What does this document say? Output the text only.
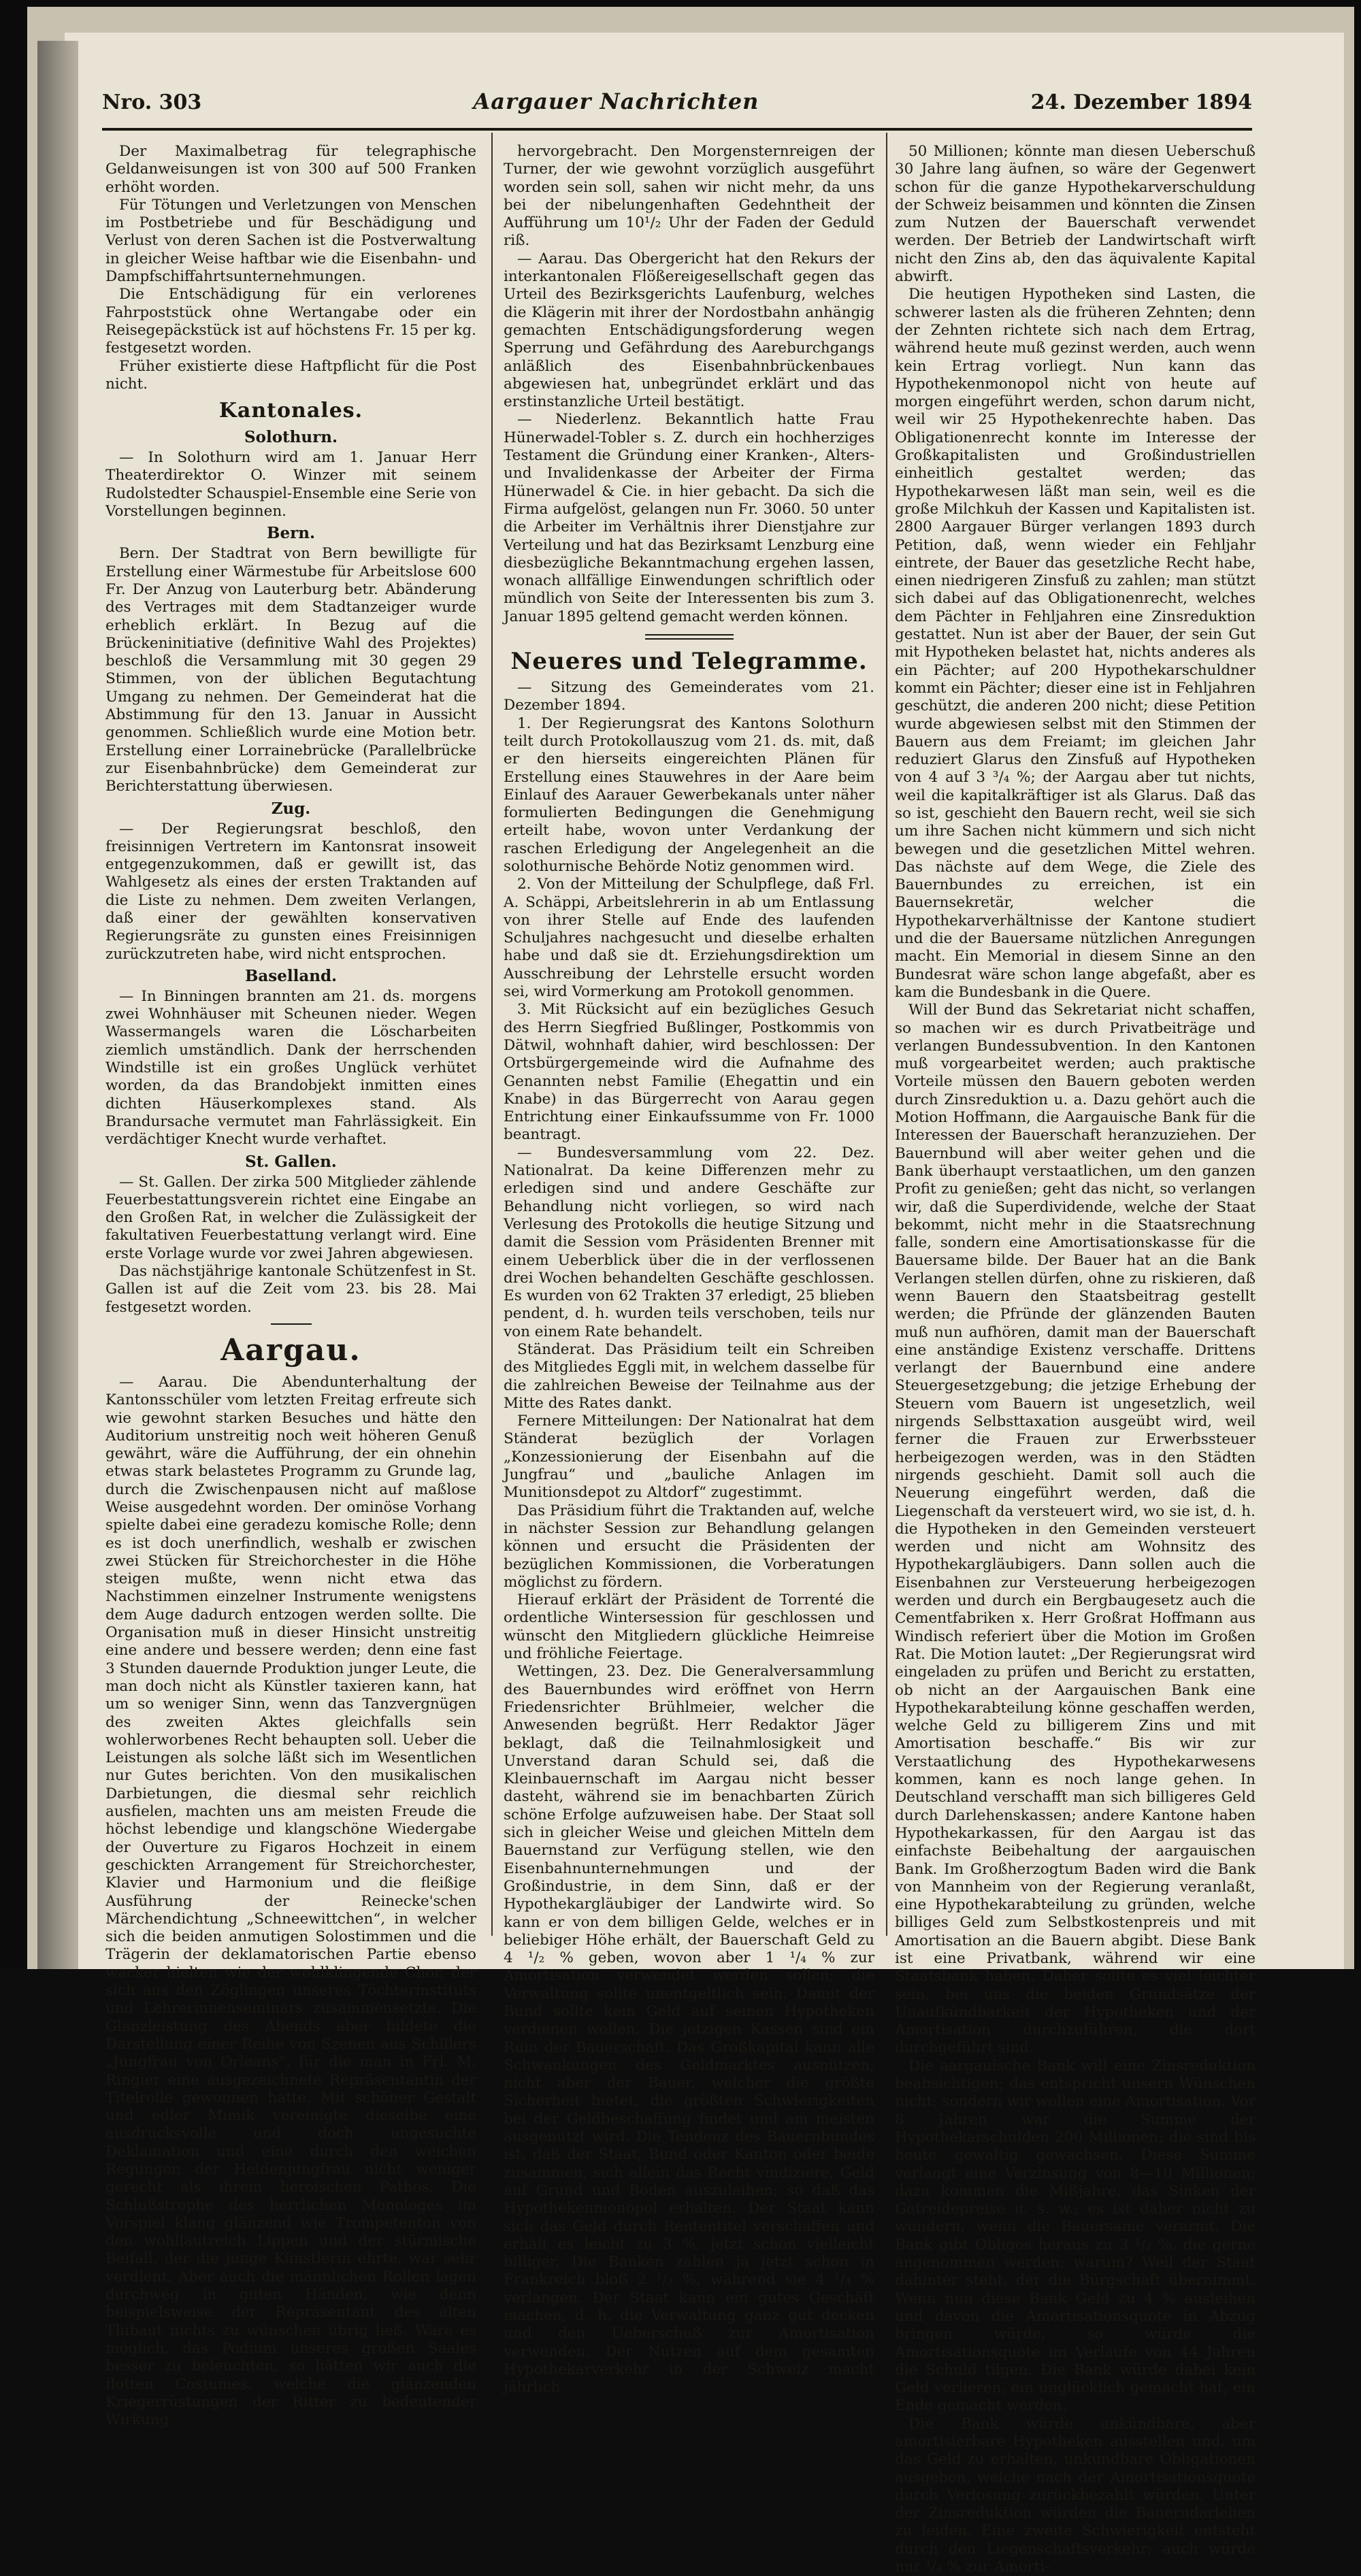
Nro. 303	Aargauer Nachrichten	24. Dezember 1894

Der Maximalbetrag für telegraphische Geldanweisungen ist von 300 auf 500 Franken erhöht worden.

Für Tötungen und Verletzungen von Menschen im Postbetriebe und für Beschädigung und Verlust von deren Sachen ist die Postverwaltung in gleicher Weise haftbar wie die Eisenbahn- und Dampfschiffahrtsunternehmungen.

Die Entschädigung für ein verlorenes Fahrpoststück ohne Wertangabe oder ein Reisegepäckstück ist auf höchstens Fr. 15 per kg. festgesetzt worden.

Früher existierte diese Haftpflicht für die Post nicht.

Kantonales.
Solothurn.

— In Solothurn wird am 1. Januar Herr Theaterdirektor O. Winzer mit seinem Rudolstedter Schauspiel-Ensemble eine Serie von Vorstellungen beginnen.

Bern.

Bern. Der Stadtrat von Bern bewilligte für Erstellung einer Wärmestube für Arbeitslose 600 Fr. Der Anzug von Lauterburg betr. Abänderung des Vertrages mit dem Stadtanzeiger wurde erheblich erklärt. In Bezug auf die Brückeninitiative (definitive Wahl des Projektes) beschloß die Versammlung mit 30 gegen 29 Stimmen, von der üblichen Begutachtung Umgang zu nehmen. Der Gemeinderat hat die Abstimmung für den 13. Januar in Aussicht genommen. Schließlich wurde eine Motion betr. Erstellung einer Lorrainebrücke (Parallelbrücke zur Eisenbahnbrücke) dem Gemeinderat zur Berichterstattung überwiesen.

Zug.

— Der Regierungsrat beschloß, den freisinnigen Vertretern im Kantonsrat insoweit entgegenzukommen, daß er gewillt ist, das Wahlgesetz als eines der ersten Traktanden auf die Liste zu nehmen. Dem zweiten Verlangen, daß einer der gewählten konservativen Regierungsräte zu gunsten eines Freisinnigen zurückzutreten habe, wird nicht entsprochen.

Baselland.

— In Binningen brannten am 21. ds. morgens zwei Wohnhäuser mit Scheunen nieder. Wegen Wassermangels waren die Löscharbeiten ziemlich umständlich. Dank der herrschenden Windstille ist ein großes Unglück verhütet worden, da das Brandobjekt inmitten eines dichten Häuserkomplexes stand. Als Brandursache vermutet man Fahrlässigkeit. Ein verdächtiger Knecht wurde verhaftet.

St. Gallen.

— St. Gallen. Der zirka 500 Mitglieder zählende Feuerbestattungsverein richtet eine Eingabe an den Großen Rat, in welcher die Zulässigkeit der fakultativen Feuerbestattung verlangt wird. Eine erste Vorlage wurde vor zwei Jahren abgewiesen.

Das nächstjährige kantonale Schützenfest in St. Gallen ist auf die Zeit vom 23. bis 28. Mai festgesetzt worden.

Aargau.

— Aarau. Die Abendunterhaltung der Kantonsschüler vom letzten Freitag erfreute sich wie gewohnt starken Besuches und hätte den Auditorium unstreitig noch weit höheren Genuß gewährt, wäre die Aufführung, der ein ohnehin etwas stark belastetes Programm zu Grunde lag, durch die Zwischenpausen nicht auf maßlose Weise ausgedehnt worden. Der ominöse Vorhang spielte dabei eine geradezu komische Rolle; denn es ist doch unerfindlich, weshalb er zwischen zwei Stücken für Streichorchester in die Höhe steigen mußte, wenn nicht etwa das Nachstimmen einzelner Instrumente wenigstens dem Auge dadurch entzogen werden sollte. Die Organisation muß in dieser Hinsicht unstreitig eine andere und bessere werden; denn eine fast 3 Stunden dauernde Produktion junger Leute, die man doch nicht als Künstler taxieren kann, hat um so weniger Sinn, wenn das Tanzvergnügen des zweiten Aktes gleichfalls sein wohlerworbenes Recht behaupten soll. Ueber die Leistungen als solche läßt sich im Wesentlichen nur Gutes berichten. Von den musikalischen Darbietungen, die diesmal sehr reichlich ausfielen, machten uns am meisten Freude die höchst lebendige und klangschöne Wiedergabe der Ouverture zu Figaros Hochzeit in einem geschickten Arrangement für Streichorchester, Klavier und Harmonium und die fleißige Ausführung der Reinecke'schen Märchendichtung „Schneewittchen“, in welcher sich die beiden anmutigen Solostimmen und die Trägerin der deklamatorischen Partie ebenso wacker hielten wie der wohlklingende Chor, der sich aus den Zöglingen unseres Töchterinstituts und Lehrerinnenseminars zusammensetzte. Die Glanzleistung des Abends aber bildete die Darstellung einer Reihe von Szenen aus Schillers „Jungfrau von Orleans“, für die man in Frl. M. Ringier eine ausgezeichnete Repräsentantin der Titelrolle gewonnen hatte. Mit schöner Gestalt und edler Mimik vereinigte dieselbe eine ausdrucksvolle und doch ungesuchte Deklamation und eine durch den weichen Regungen der Heldenjungfrau nicht weniger gerecht als ihrem heroischen Pathos. Die Schlußstrophe des herrlichen Monologes im Vorspiel klang glänzend wie Trompetenton von den wohllautreich Lippen und der stürmische Beifall, der die junge Künstlerin ehrte, war sehr verdient. Aber auch die männlichen Rollen lagen durchweg in guten Händen, wie denn beispielsweise der Repräsentant des alten Thibaut nichts zu wünschen übrig ließ. Wäre es möglich, das Podium unseres großen Saales besser zu beleuchten, so hätten wir auch die flotten Costumes, welche die glänzenden Kriegerrüstungen der Ritter zu bedeutender Wirkung

hervorgebracht. Den Morgensternreigen der Turner, der wie gewohnt vorzüglich ausgeführt worden sein soll, sahen wir nicht mehr, da uns bei der nibelungenhaften Gedehntheit der Aufführung um 10¹/₂ Uhr der Faden der Geduld riß.

— Aarau. Das Obergericht hat den Rekurs der interkantonalen Flößereigesellschaft gegen das Urteil des Bezirksgerichts Laufenburg, welches die Klägerin mit ihrer der Nordostbahn anhängig gemachten Entschädigungsforderung wegen Sperrung und Gefährdung des Aareburchgangs anläßlich des Eisenbahnbrückenbaues abgewiesen hat, unbegründet erklärt und das erstinstanzliche Urteil bestätigt.

— Niederlenz. Bekanntlich hatte Frau Hünerwadel-Tobler s. Z. durch ein hochherziges Testament die Gründung einer Kranken-, Alters- und Invalidenkasse der Arbeiter der Firma Hünerwadel & Cie. in hier gebacht. Da sich die Firma aufgelöst, gelangen nun Fr. 3060. 50 unter die Arbeiter im Verhältnis ihrer Dienstjahre zur Verteilung und hat das Bezirksamt Lenzburg eine diesbezügliche Bekanntmachung ergehen lassen, wonach allfällige Einwendungen schriftlich oder mündlich von Seite der Interessenten bis zum 3. Januar 1895 geltend gemacht werden können.

Neueres und Telegramme.

— Sitzung des Gemeinderates vom 21. Dezember 1894.

1. Der Regierungsrat des Kantons Solothurn teilt durch Protokollauszug vom 21. ds. mit, daß er den hierseits eingereichten Plänen für Erstellung eines Stauwehres in der Aare beim Einlauf des Aarauer Gewerbekanals unter näher formulierten Bedingungen die Genehmigung erteilt habe, wovon unter Verdankung der raschen Erledigung der Angelegenheit an die solothurnische Behörde Notiz genommen wird.

2. Von der Mitteilung der Schulpflege, daß Frl. A. Schäppi, Arbeitslehrerin in ab um Entlassung von ihrer Stelle auf Ende des laufenden Schuljahres nachgesucht und dieselbe erhalten habe und daß sie dt. Erziehungsdirektion um Ausschreibung der Lehrstelle ersucht worden sei, wird Vormerkung am Protokoll genommen.

3. Mit Rücksicht auf ein bezügliches Gesuch des Herrn Siegfried Bußlinger, Postkommis von Dätwil, wohnhaft dahier, wird beschlossen: Der Ortsbürgergemeinde wird die Aufnahme des Genannten nebst Familie (Ehegattin und ein Knabe) in das Bürgerrecht von Aarau gegen Entrichtung einer Einkaufssumme von Fr. 1000 beantragt.

— Bundesversammlung vom 22. Dez. Nationalrat. Da keine Differenzen mehr zu erledigen sind und andere Geschäfte zur Behandlung nicht vorliegen, so wird nach Verlesung des Protokolls die heutige Sitzung und damit die Session vom Präsidenten Brenner mit einem Ueberblick über die in der verflossenen drei Wochen behandelten Geschäfte geschlossen. Es wurden von 62 Trakten 37 erledigt, 25 blieben pendent, d. h. wurden teils verschoben, teils nur von einem Rate behandelt.

Ständerat. Das Präsidium teilt ein Schreiben des Mitgliedes Eggli mit, in welchem dasselbe für die zahlreichen Beweise der Teilnahme aus der Mitte des Rates dankt.

Fernere Mitteilungen: Der Nationalrat hat dem Ständerat bezüglich der Vorlagen „Konzessionierung der Eisenbahn auf die Jungfrau“ und „bauliche Anlagen im Munitionsdepot zu Altdorf“ zugestimmt.

Das Präsidium führt die Traktanden auf, welche in nächster Session zur Behandlung gelangen können und ersucht die Präsidenten der bezüglichen Kommissionen, die Vorberatungen möglichst zu fördern.

Hierauf erklärt der Präsident de Torrenté die ordentliche Wintersession für geschlossen und wünscht den Mitgliedern glückliche Heimreise und fröhliche Feiertage.

Wettingen, 23. Dez. Die Generalversammlung des Bauernbundes wird eröffnet von Herrn Friedensrichter Brühlmeier, welcher die Anwesenden begrüßt. Herr Redaktor Jäger beklagt, daß die Teilnahmlosigkeit und Unverstand daran Schuld sei, daß die Kleinbauernschaft im Aargau nicht besser dasteht, während sie im benachbarten Zürich schöne Erfolge aufzuweisen habe. Der Staat soll sich in gleicher Weise und gleichen Mitteln dem Bauernstand zur Verfügung stellen, wie den Eisenbahnunternehmungen und der Großindustrie, in dem Sinn, daß er der Hypothekargläubiger der Landwirte wird. So kann er von dem billigen Gelde, welches er in beliebiger Höhe erhält, der Bauerschaft Geld zu 4 ¹/₂ % geben, wovon aber 1 ¹/₄ % zur Amortisation verwendet werden sollen; die Verwaltung sollte unentgeltlich sein. Damit der Bund sollte kein Geld auf seinen Hypotheken verdienen wollen. Die jetzigen Kassen sind ein Ruin der Bauerschaft. Das Großkapital kann alle Schwankungen des Geldmarktes ausnützen, nicht aber der Bauer, welcher die größte Sicherheit bietet, die größten Schwierigkeiten bei der Geldbeschaffung findet und am meisten ausgenutzt wird. Die Tendenz des Bauernbundes ist, daß der Staat, Bund oder Kanton oder beide zusammen, sich allein das Recht vindiziere, Geld auf Grund und Boden auszuleihen; so daß das Hypothekenmonopol erhalten. Der Staat kann sich das Geld durch Rententitel verschaffen und erhält es leicht zu 3 %, jetzt schon vielleicht billiger. Die Banken zahlen ja jetzt schon in Frankreich bloß 2 ¹/₂ %, während sie 4 ¹/₄ % verlangen. Der Staat kann ein gutes Geschäft machen, d. h. die Verwaltung ganz gut decken und den Ueberschuß zur Amortisation verwenden. Der Nutzen auf dem gesamten Hypothekarverkehr in der Schweiz macht jährlich

50 Millionen; könnte man diesen Ueberschuß 30 Jahre lang äufnen, so wäre der Gegenwert schon für die ganze Hypothekarverschuldung der Schweiz beisammen und könnten die Zinsen zum Nutzen der Bauerschaft verwendet werden. Der Betrieb der Landwirtschaft wirft nicht den Zins ab, den das äquivalente Kapital abwirft.

Die heutigen Hypotheken sind Lasten, die schwerer lasten als die früheren Zehnten; denn der Zehnten richtete sich nach dem Ertrag, während heute muß gezinst werden, auch wenn kein Ertrag vorliegt. Nun kann das Hypothekenmonopol nicht von heute auf morgen eingeführt werden, schon darum nicht, weil wir 25 Hypothekenrechte haben. Das Obligationenrecht konnte im Interesse der Großkapitalisten und Großindustriellen einheitlich gestaltet werden; das Hypothekarwesen läßt man sein, weil es die große Milchkuh der Kassen und Kapitalisten ist. 2800 Aargauer Bürger verlangen 1893 durch Petition, daß, wenn wieder ein Fehljahr eintrete, der Bauer das gesetzliche Recht habe, einen niedrigeren Zinsfuß zu zahlen; man stützt sich dabei auf das Obligationenrecht, welches dem Pächter in Fehljahren eine Zinsreduktion gestattet. Nun ist aber der Bauer, der sein Gut mit Hypotheken belastet hat, nichts anderes als ein Pächter; auf 200 Hypothekarschuldner kommt ein Pächter; dieser eine ist in Fehljahren geschützt, die anderen 200 nicht; diese Petition wurde abgewiesen selbst mit den Stimmen der Bauern aus dem Freiamt; im gleichen Jahr reduziert Glarus den Zinsfuß auf Hypotheken von 4 auf 3 ³/₄ %; der Aargau aber tut nichts, weil die kapitalkräftiger ist als Glarus. Daß das so ist, geschieht den Bauern recht, weil sie sich um ihre Sachen nicht kümmern und sich nicht bewegen und die gesetzlichen Mittel wehren. Das nächste auf dem Wege, die Ziele des Bauernbundes zu erreichen, ist ein Bauernsekretär, welcher die Hypothekarverhältnisse der Kantone studiert und die der Bauersame nützlichen Anregungen macht. Ein Memorial in diesem Sinne an den Bundesrat wäre schon lange abgefaßt, aber es kam die Bundesbank in die Quere.

Will der Bund das Sekretariat nicht schaffen, so machen wir es durch Privatbeiträge und verlangen Bundessubvention. In den Kantonen muß vorgearbeitet werden; auch praktische Vorteile müssen den Bauern geboten werden durch Zinsreduktion u. a. Dazu gehört auch die Motion Hoffmann, die Aargauische Bank für die Interessen der Bauerschaft heranzuziehen. Der Bauernbund will aber weiter gehen und die Bank überhaupt verstaatlichen, um den ganzen Profit zu genießen; geht das nicht, so verlangen wir, daß die Superdividende, welche der Staat bekommt, nicht mehr in die Staatsrechnung falle, sondern eine Amortisationskasse für die Bauersame bilde. Der Bauer hat an die Bank Verlangen stellen dürfen, ohne zu riskieren, daß wenn Bauern den Staatsbeitrag gestellt werden; die Pfründe der glänzenden Bauten muß nun aufhören, damit man der Bauerschaft eine anständige Existenz verschaffe. Drittens verlangt der Bauernbund eine andere Steuergesetzgebung; die jetzige Erhebung der Steuern vom Bauern ist ungesetzlich, weil nirgends Selbsttaxation ausgeübt wird, weil ferner die Frauen zur Erwerbssteuer herbeigezogen werden, was in den Städten nirgends geschieht. Damit soll auch die Neuerung eingeführt werden, daß die Liegenschaft da versteuert wird, wo sie ist, d. h. die Hypotheken in den Gemeinden versteuert werden und nicht am Wohnsitz des Hypothekargläubigers. Dann sollen auch die Eisenbahnen zur Versteuerung herbeigezogen werden und durch ein Bergbaugesetz auch die Cementfabriken x. Herr Großrat Hoffmann aus Windisch referiert über die Motion im Großen Rat. Die Motion lautet: „Der Regierungsrat wird eingeladen zu prüfen und Bericht zu erstatten, ob nicht an der Aargauischen Bank eine Hypothekarabteilung könne geschaffen werden, welche Geld zu billigerem Zins und mit Amortisation beschaffe.“ Bis wir zur Verstaatlichung des Hypothekarwesens kommen, kann es noch lange gehen. In Deutschland verschafft man sich billigeres Geld durch Darlehenskassen; andere Kantone haben Hypothekarkassen, für den Aargau ist das einfachste Beibehaltung der aargauischen Bank. Im Großherzogtum Baden wird die Bank von Mannheim von der Regierung veranlaßt, eine Hypothekarabteilung zu gründen, welche billiges Geld zum Selbstkostenpreis und mit Amortisation an die Bauern abgibt. Diese Bank ist eine Privatbank, während wir eine Staatsbank haben. Daher sollte es viel leichter sein, bei uns die beiden Grundsätze der Unaufkündbarkeit der Hypotheken und der Amortisation durchzuführen, die dort durchgeführt sind.

Die aargauische Bank will eine Zinsreduktion beabsichtigen; das entspricht unsern Wünschen nicht; sondern wir wollen eine Amortisation. Vor 8 Jahren war die Summe der Hypothekarschulden 200 Millionen; die sind bis heute gewaltig gewachsen. Diese Summe verlangt eine Verzinsung von 8—10 Millionen; dazu kommen die Mißjahre, das Sinken der Getreidepreise u. s. w.; es ist daher nicht zu wundern, wenn die Bauersame verarmt. Die Bank gibt Obligos heraus zu 3 ¹/₂ %, die gerne angenommen werden; warum? Weil der Staat dahinter steht, der die Bürgschaft übernimmt. Wenn nun diese Bank Geld zu 4 % ausleihen und davon die Amortisationsquote in Abzug bringen würde, so würde die Amortisationsquote im Verlaufe von 44 Jahren die Schuld tilgen. Die Bank würde dabei kein Geld verlieren, ein unglücklich gemacht hat, ein Ende gemacht werden.

Die Bank würde unkündbare, aber amortisierbare Hypotheken ausstellen und, um das Geld zu erhalten, unkündbare Obligationen ausgeben, welche nach der Amortisationsquote durch Verlosung zurückbezahlt würden. Unter der Zinsreduktion würden die Bauerndarlehen zu leiden. Eine zweite Schwierigkeit entsteht durch den Liegenschaftsverkehr; auch würde nur ¹/₄ % zur Amorti-
